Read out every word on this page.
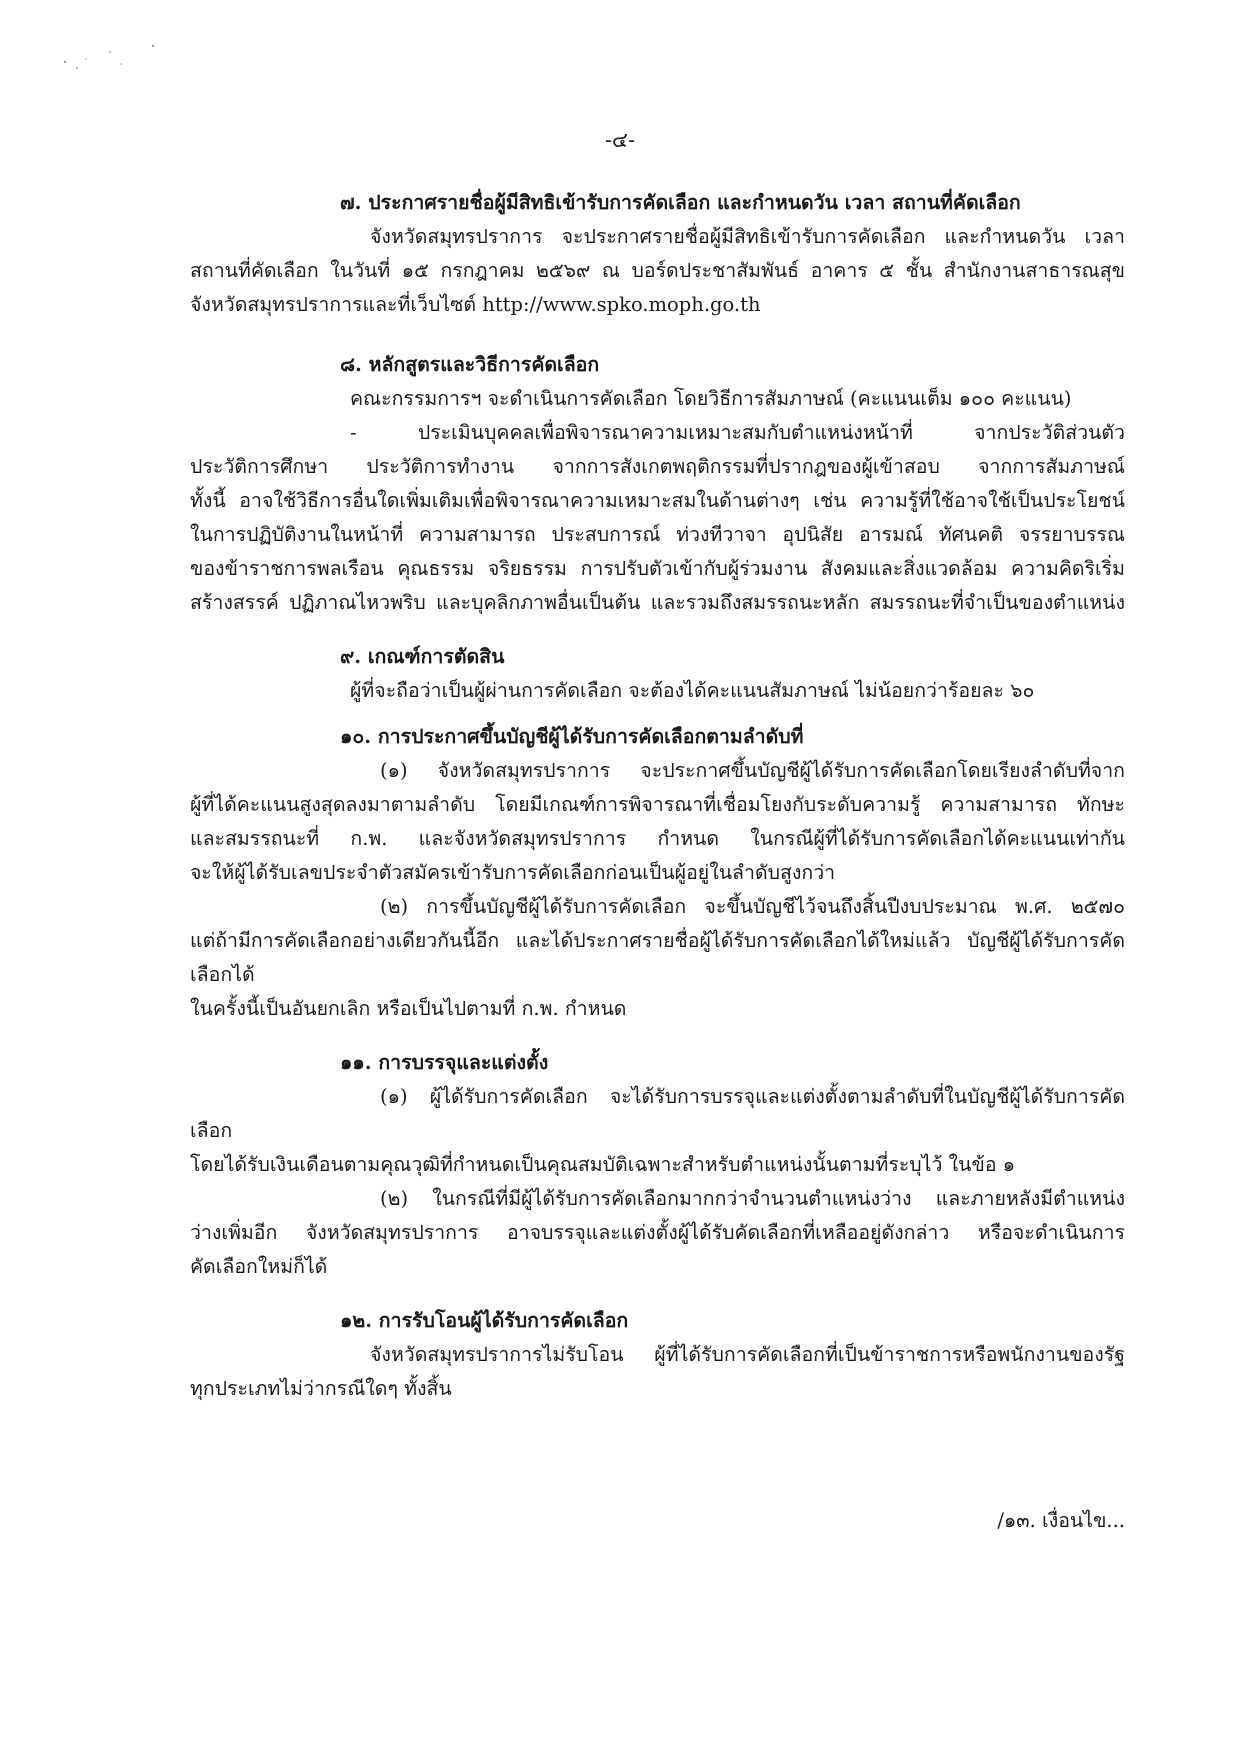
-๔-
๗. ประกาศรายชื่อผู้มีสิทธิเข้ารับการคัดเลือก และกำหนดวัน เวลา สถานที่คัดเลือก
จังหวัดสมุทรปราการ จะประกาศรายชื่อผู้มีสิทธิเข้ารับการคัดเลือก และกำหนดวัน เวลา
สถานที่คัดเลือก ในวันที่ ๑๕ กรกฎาคม ๒๕๖๙ ณ บอร์ดประชาสัมพันธ์ อาคาร ๕ ชั้น สำนักงานสาธารณสุข
จังหวัดสมุทรปราการและที่เว็บไซต์ http://www.spko.moph.go.th
๘. หลักสูตรและวิธีการคัดเลือก
คณะกรรมการฯ จะดำเนินการคัดเลือก โดยวิธีการสัมภาษณ์ (คะแนนเต็ม ๑๐๐ คะแนน)
- ประเมินบุคคลเพื่อพิจารณาความเหมาะสมกับตำแหน่งหน้าที่ จากประวัติส่วนตัว
ประวัติการศึกษา ประวัติการทำงาน จากการสังเกตพฤติกรรมที่ปรากฎของผู้เข้าสอบ จากการสัมภาษณ์
ทั้งนี้ อาจใช้วิธีการอื่นใดเพิ่มเติมเพื่อพิจารณาความเหมาะสมในด้านต่างๆ เช่น ความรู้ที่ใช้อาจใช้เป็นประโยชน์
ในการปฏิบัติงานในหน้าที่ ความสามารถ ประสบการณ์ ท่วงทีวาจา อุปนิสัย อารมณ์ ทัศนคติ จรรยาบรรณ
ของข้าราชการพลเรือน คุณธรรม จริยธรรม การปรับตัวเข้ากับผู้ร่วมงาน สังคมและสิ่งแวดล้อม ความคิดริเริ่ม
สร้างสรรค์ ปฏิภาณไหวพริบ และบุคลิกภาพอื่นเป็นต้น และรวมถึงสมรรถนะหลัก สมรรถนะที่จำเป็นของตำแหน่ง
๙. เกณฑ์การตัดสิน
ผู้ที่จะถือว่าเป็นผู้ผ่านการคัดเลือก จะต้องได้คะแนนสัมภาษณ์ ไม่น้อยกว่าร้อยละ ๖๐
๑๐. การประกาศขึ้นบัญชีผู้ได้รับการคัดเลือกตามลำดับที่
(๑) จังหวัดสมุทรปราการ จะประกาศขึ้นบัญชีผู้ได้รับการคัดเลือกโดยเรียงลำดับที่จาก
ผู้ที่ได้คะแนนสูงสุดลงมาตามลำดับ โดยมีเกณฑ์การพิจารณาที่เชื่อมโยงกับระดับความรู้ ความสามารถ ทักษะ
และสมรรถนะที่ ก.พ. และจังหวัดสมุทรปราการ กำหนด ในกรณีผู้ที่ได้รับการคัดเลือกได้คะแนนเท่ากัน
จะให้ผู้ได้รับเลขประจำตัวสมัครเข้ารับการคัดเลือกก่อนเป็นผู้อยู่ในลำดับสูงกว่า
(๒) การขึ้นบัญชีผู้ได้รับการคัดเลือก จะขึ้นบัญชีไว้จนถึงสิ้นปีงบประมาณ พ.ศ. ๒๕๗๐
แต่ถ้ามีการคัดเลือกอย่างเดียวกันนี้อีก และได้ประกาศรายชื่อผู้ได้รับการคัดเลือกได้ใหม่แล้ว บัญชีผู้ได้รับการคัดเลือกได้
ในครั้งนี้เป็นอันยกเลิก หรือเป็นไปตามที่ ก.พ. กำหนด
๑๑. การบรรจุและแต่งตั้ง
(๑) ผู้ได้รับการคัดเลือก จะได้รับการบรรจุและแต่งตั้งตามลำดับที่ในบัญชีผู้ได้รับการคัดเลือก
โดยได้รับเงินเดือนตามคุณวุฒิที่กำหนดเป็นคุณสมบัติเฉพาะสำหรับตำแหน่งนั้นตามที่ระบุไว้ ในข้อ ๑
(๒) ในกรณีที่มีผู้ได้รับการคัดเลือกมากกว่าจำนวนตำแหน่งว่าง และภายหลังมีตำแหน่ง
ว่างเพิ่มอีก จังหวัดสมุทรปราการ อาจบรรจุและแต่งตั้งผู้ได้รับคัดเลือกที่เหลืออยู่ดังกล่าว หรือจะดำเนินการ
คัดเลือกใหม่ก็ได้
๑๒. การรับโอนผู้ได้รับการคัดเลือก
จังหวัดสมุทรปราการไม่รับโอน ผู้ที่ได้รับการคัดเลือกที่เป็นข้าราชการหรือพนักงานของรัฐ
ทุกประเภทไม่ว่ากรณีใดๆ ทั้งสิ้น
/๑๓. เงื่อนไข...
